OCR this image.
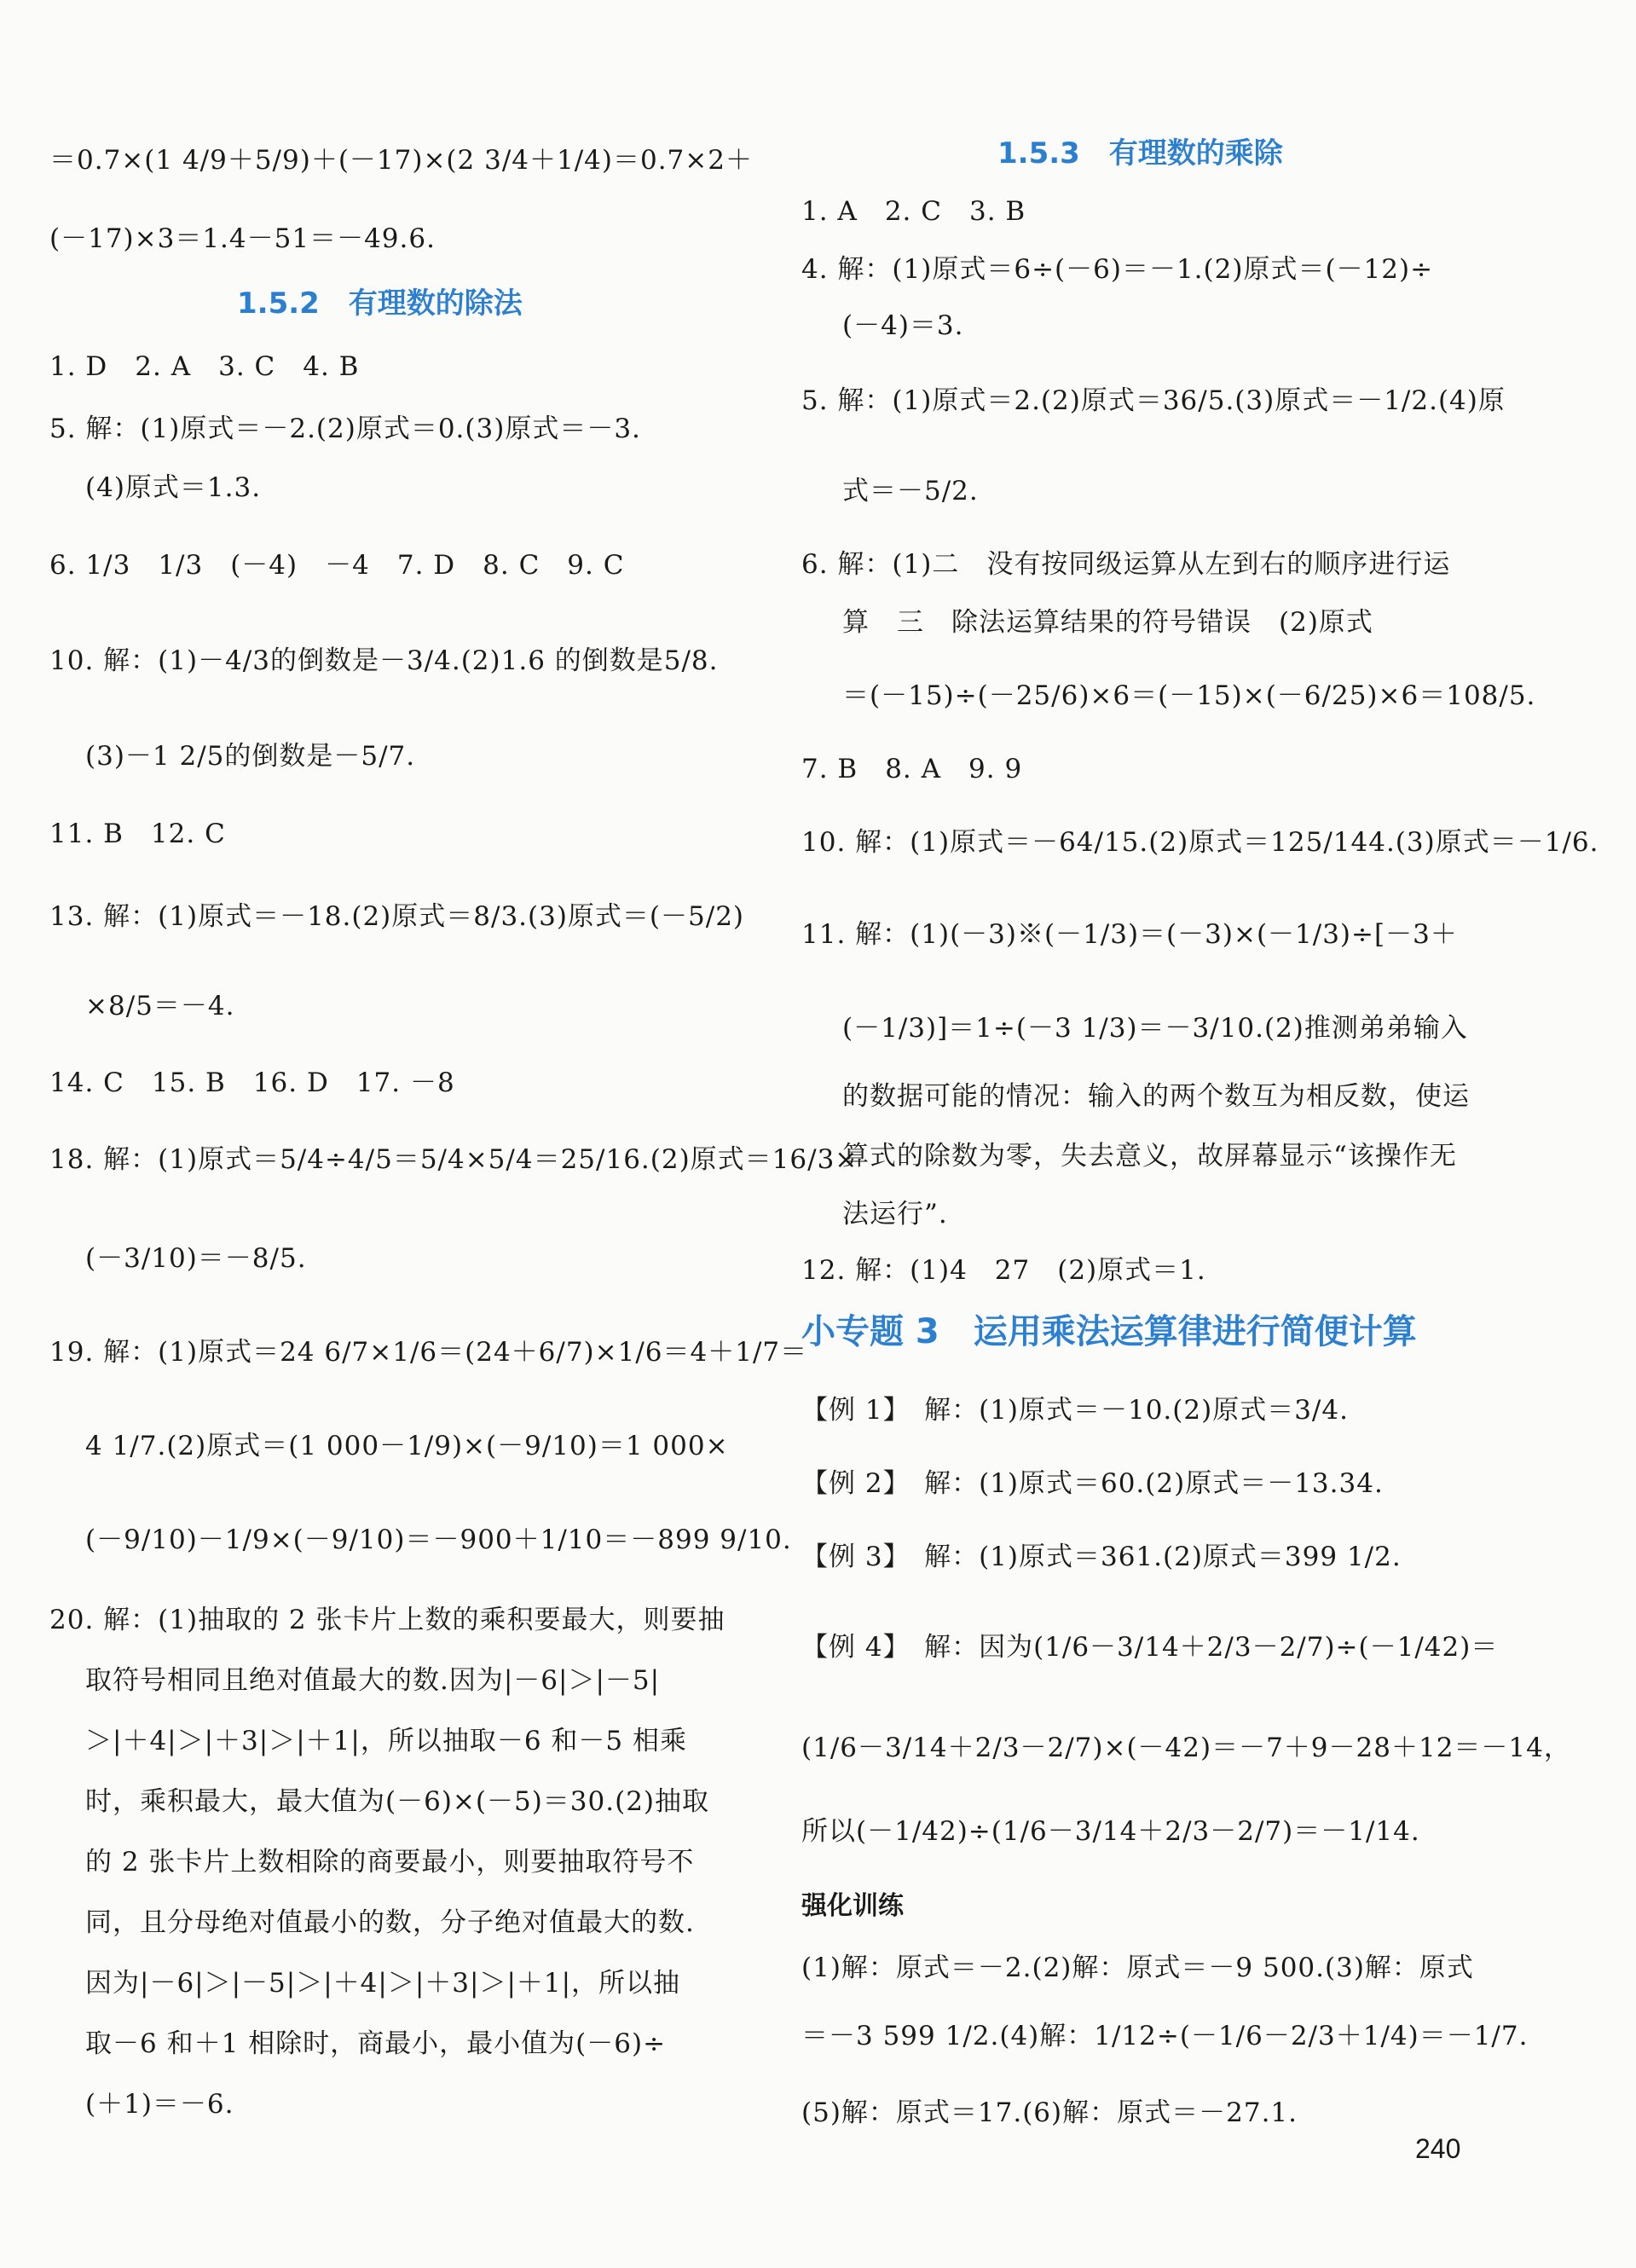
＝0.7×(1 4/9＋5/9)＋(－17)×(2 3/4＋1/4)＝0.7×2＋
(－17)×3＝1.4－51＝－49.6.
1.5.2　有理数的除法
1. D　2. A　3. C　4. B
5. 解：(1)原式＝－2.(2)原式＝0.(3)原式＝－3.
(4)原式＝1.3.
6. 1/3　1/3　(－4)　－4　7. D　8. C　9. C
10. 解：(1)－4/3的倒数是－3/4.(2)1.6 的倒数是5/8.
(3)－1 2/5的倒数是－5/7.
11. B　12. C
13. 解：(1)原式＝－18.(2)原式＝8/3.(3)原式＝(－5/2)
×8/5＝－4.
14. C　15. B　16. D　17. －8
18. 解：(1)原式＝5/4÷4/5＝5/4×5/4＝25/16.(2)原式＝16/3×
(－3/10)＝－8/5.
19. 解：(1)原式＝24 6/7×1/6＝(24＋6/7)×1/6＝4＋1/7＝
4 1/7.(2)原式＝(1 000－1/9)×(－9/10)＝1 000×
(－9/10)－1/9×(－9/10)＝－900＋1/10＝－899 9/10.
20. 解：(1)抽取的 2 张卡片上数的乘积要最大，则要抽
取符号相同且绝对值最大的数.因为|－6|＞|－5|
＞|＋4|＞|＋3|＞|＋1|，所以抽取－6 和－5 相乘
时，乘积最大，最大值为(－6)×(－5)＝30.(2)抽取
的 2 张卡片上数相除的商要最小，则要抽取符号不
同，且分母绝对值最小的数，分子绝对值最大的数.
因为|－6|＞|－5|＞|＋4|＞|＋3|＞|＋1|，所以抽
取－6 和＋1 相除时，商最小，最小值为(－6)÷
(＋1)＝－6.
1.5.3　有理数的乘除
1. A　2. C　3. B
4. 解：(1)原式＝6÷(－6)＝－1.(2)原式＝(－12)÷
(－4)＝3.
5. 解：(1)原式＝2.(2)原式＝36/5.(3)原式＝－1/2.(4)原
式＝－5/2.
6. 解：(1)二　没有按同级运算从左到右的顺序进行运
算　三　除法运算结果的符号错误　(2)原式
＝(－15)÷(－25/6)×6＝(－15)×(－6/25)×6＝108/5.
7. B　8. A　9. 9
10. 解：(1)原式＝－64/15.(2)原式＝125/144.(3)原式＝－1/6.
11. 解：(1)(－3)※(－1/3)＝(－3)×(－1/3)÷[－3＋
(－1/3)]＝1÷(－3 1/3)＝－3/10.(2)推测弟弟输入
的数据可能的情况：输入的两个数互为相反数，使运
算式的除数为零，失去意义，故屏幕显示“该操作无
法运行”.
12. 解：(1)4　27　(2)原式＝1.
小专题 3　运用乘法运算律进行简便计算
【例 1】　解：(1)原式＝－10.(2)原式＝3/4.
【例 2】　解：(1)原式＝60.(2)原式＝－13.34.
【例 3】　解：(1)原式＝361.(2)原式＝399 1/2.
【例 4】　解：因为(1/6－3/14＋2/3－2/7)÷(－1/42)＝
(1/6－3/14＋2/3－2/7)×(－42)＝－7＋9－28＋12＝－14，
所以(－1/42)÷(1/6－3/14＋2/3－2/7)＝－1/14.
强化训练
(1)解：原式＝－2.(2)解：原式＝－9 500.(3)解：原式
＝－3 599 1/2.(4)解：1/12÷(－1/6－2/3＋1/4)＝－1/7.
(5)解：原式＝17.(6)解：原式＝－27.1.
240
